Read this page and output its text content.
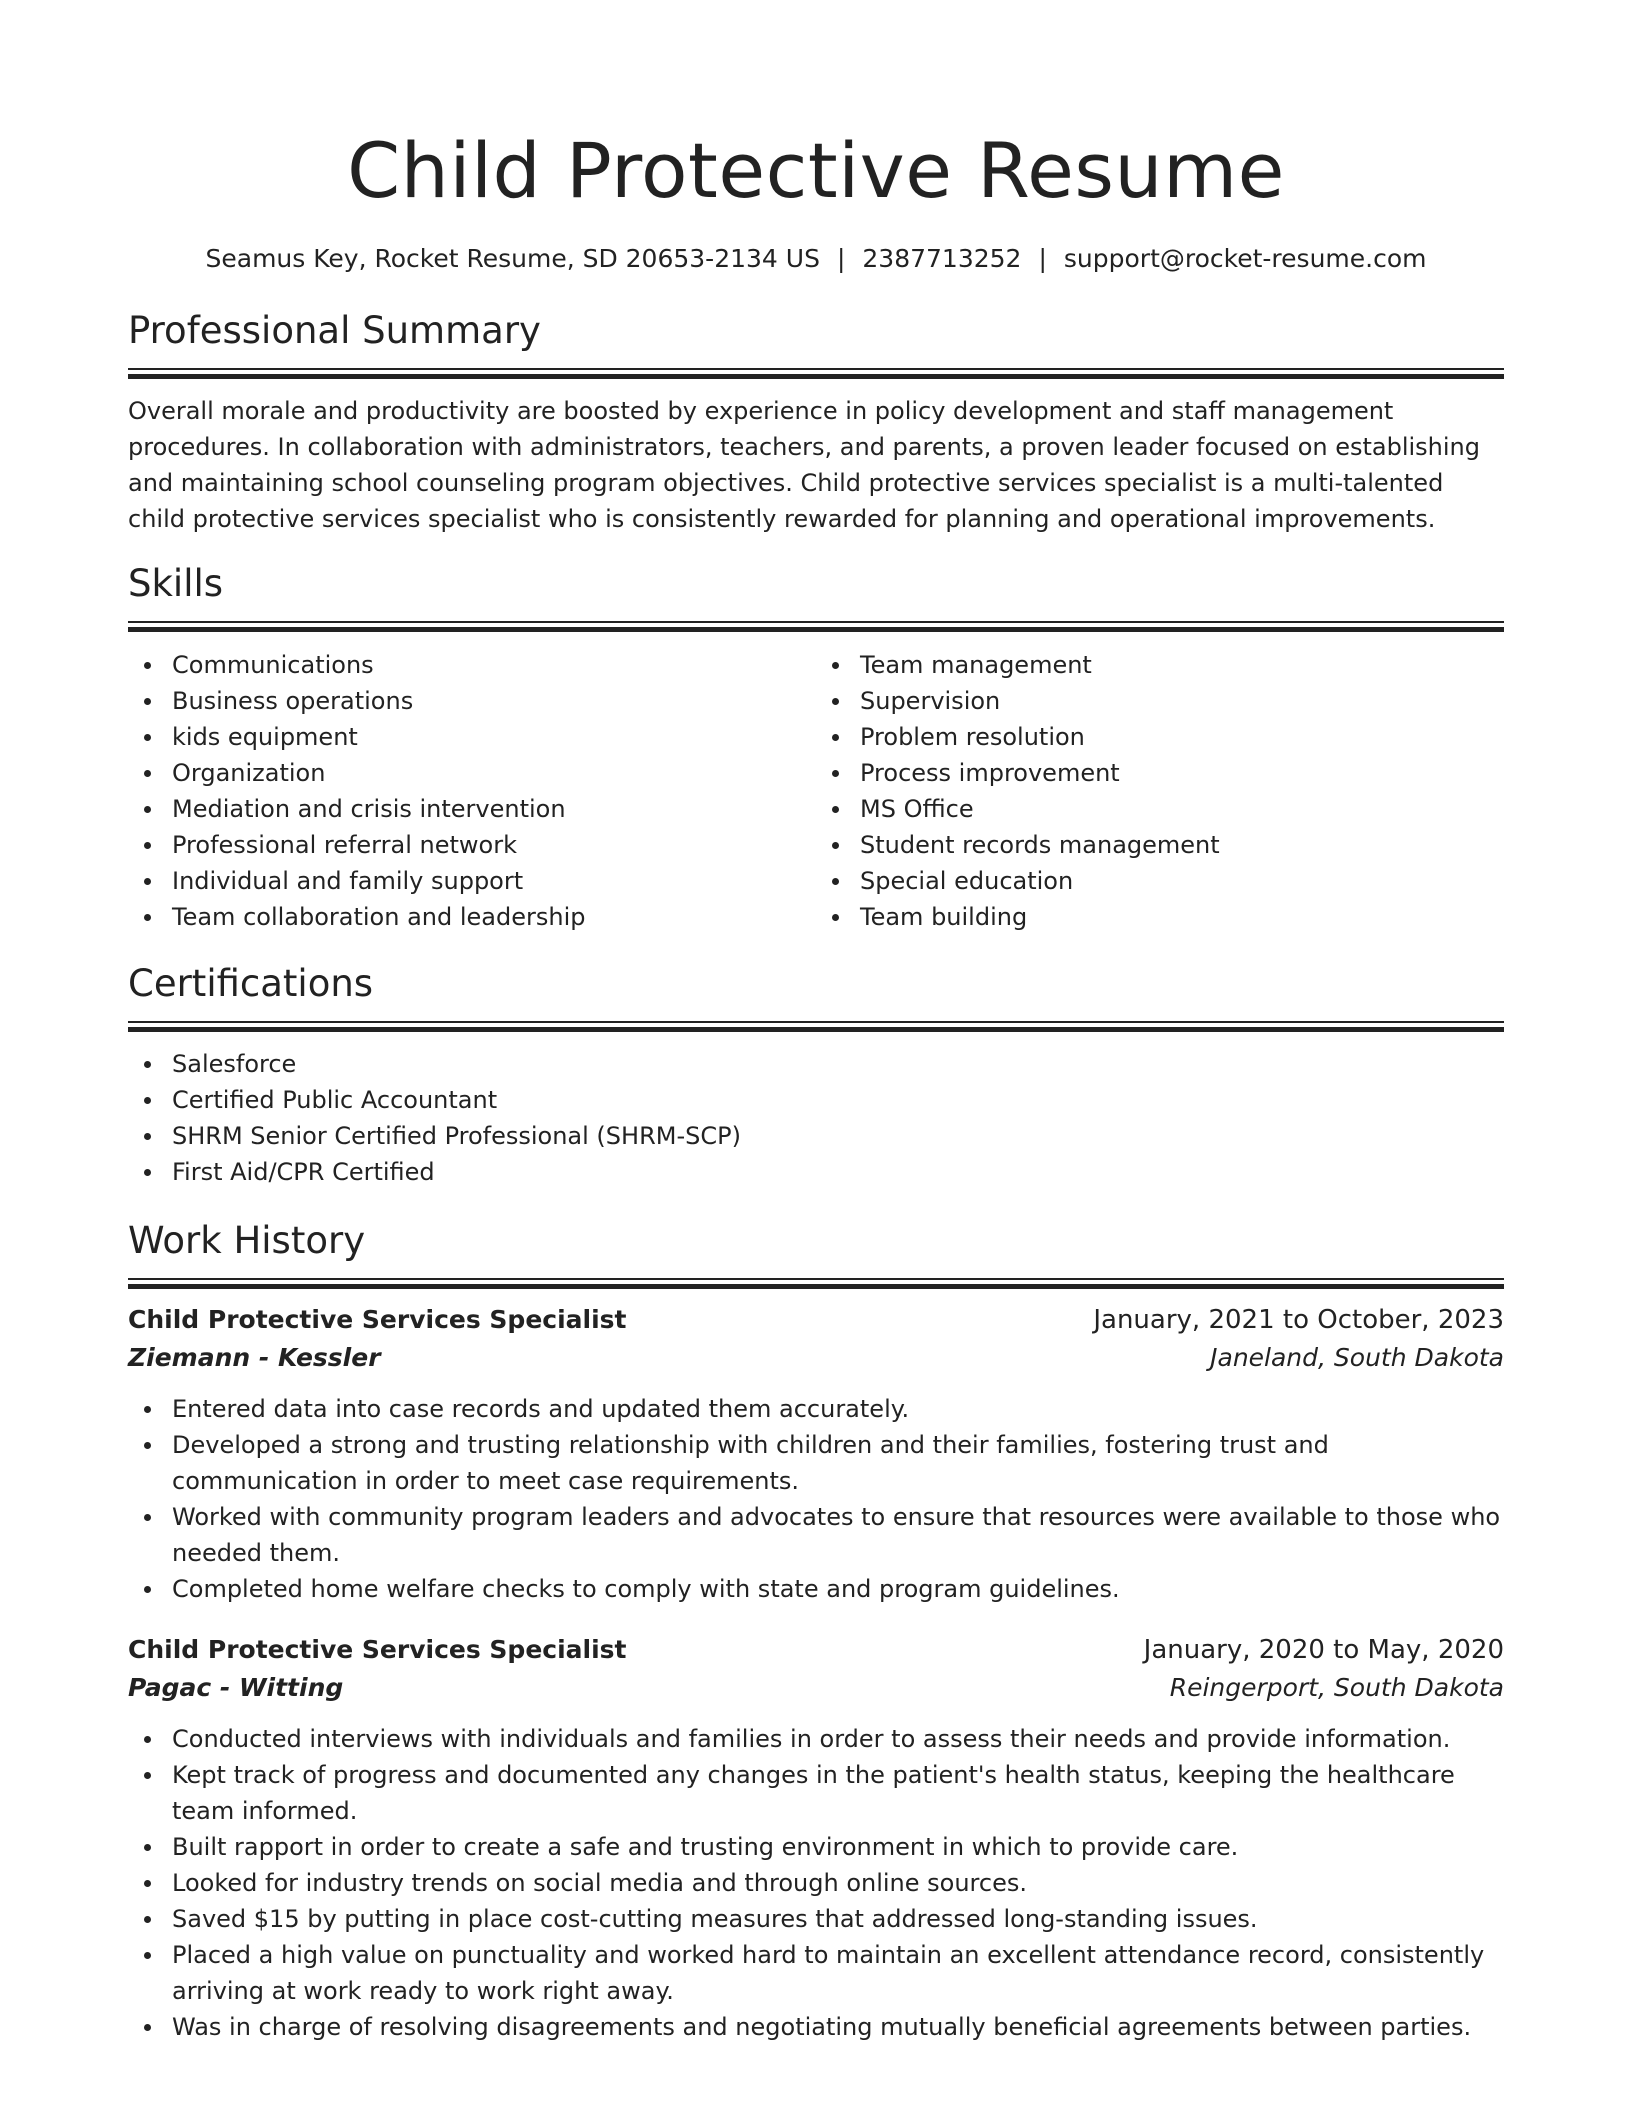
Child Protective Resume
Seamus Key, Rocket Resume, SD 20653-2134 US | 2387713252 | support@rocket-resume.com
Professional Summary

Overall morale and productivity are boosted by experience in policy development and staff management procedures. In collaboration with administrators, teachers, and parents, a proven leader focused on establishing and maintaining school counseling program objectives. Child protective services specialist is a multi-talented child protective services specialist who is consistently rewarded for planning and operational improvements.

Skills
Communications
Business operations
kids equipment
Organization
Mediation and crisis intervention
Professional referral network
Individual and family support
Team collaboration and leadership
Team management
Supervision
Problem resolution
Process improvement
MS Office
Student records management
Special education
Team building
Certifications
Salesforce
Certified Public Accountant
SHRM Senior Certified Professional (SHRM-SCP)
First Aid/CPR Certified
Work History
Child Protective Services Specialist	January, 2021 to October, 2023
Ziemann - Kessler	Janeland, South Dakota
Entered data into case records and updated them accurately.
Developed a strong and trusting relationship with children and their families, fostering trust and communication in order to meet case requirements.
Worked with community program leaders and advocates to ensure that resources were available to those who needed them.
Completed home welfare checks to comply with state and program guidelines.
Child Protective Services Specialist	January, 2020 to May, 2020
Pagac - Witting	Reingerport, South Dakota
Conducted interviews with individuals and families in order to assess their needs and provide information.
Kept track of progress and documented any changes in the patient's health status, keeping the healthcare team informed.
Built rapport in order to create a safe and trusting environment in which to provide care.
Looked for industry trends on social media and through online sources.
Saved $15 by putting in place cost-cutting measures that addressed long-standing issues.
Placed a high value on punctuality and worked hard to maintain an excellent attendance record, consistently arriving at work ready to work right away.
Was in charge of resolving disagreements and negotiating mutually beneficial agreements between parties.
